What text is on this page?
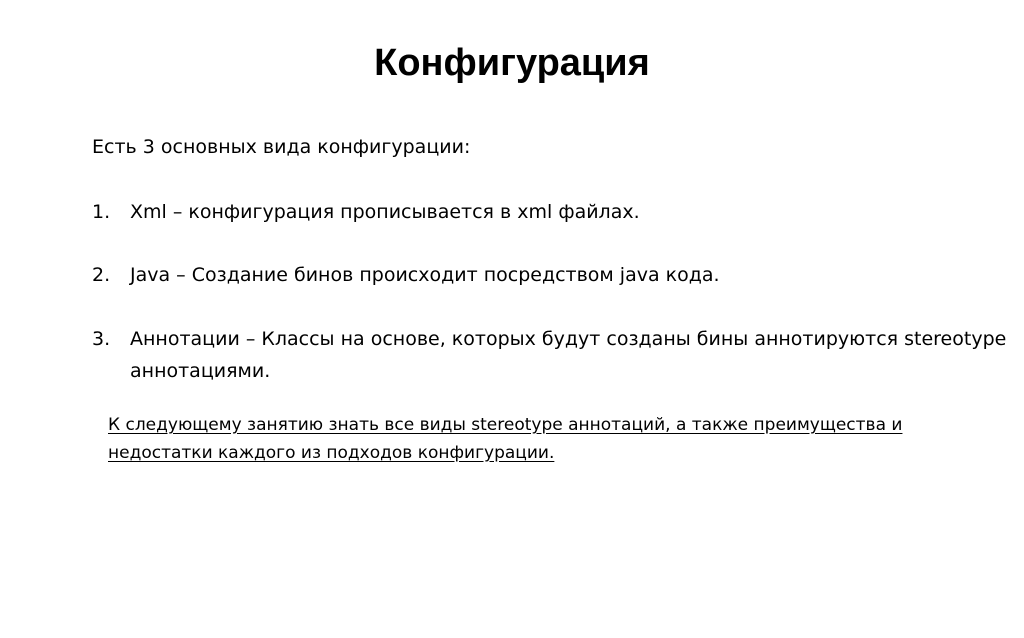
Конфигурация
Есть 3 основных вида конфигурации:
1. Xml – конфигурация прописывается в xml файлах.
2. Java – Создание бинов происходит посредством java кода.
3. Аннотации – Классы на основе, которых будут созданы бины аннотируются stereotype аннотациями.
К следующему занятию знать все виды stereotype аннотаций, а также преимущества и недостатки каждого из подходов конфигурации.
